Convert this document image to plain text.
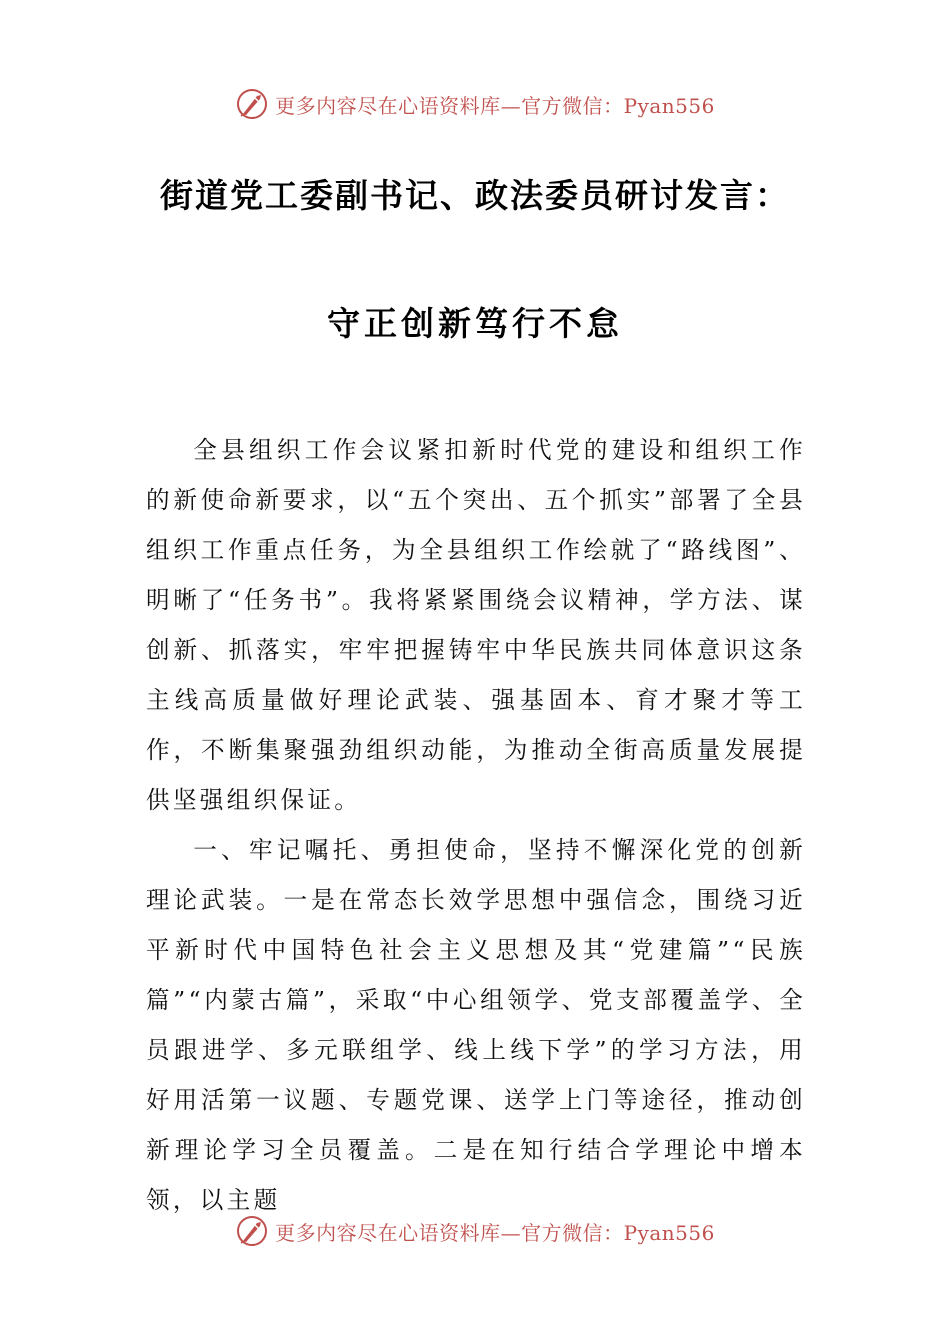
更多内容尽在心语资料库—官方微信：Pyan556
街道党工委副书记、政法委员研讨发言：
守正创新笃行不怠

全县组织工作会议紧扣新时代党的建设和组织工作的新使命新要求，以“五个突出、五个抓实”部署了全县组织工作重点任务，为全县组织工作绘就了“路线图”、明晰了“任务书”。我将紧紧围绕会议精神，学方法、谋创新、抓落实，牢牢把握铸牢中华民族共同体意识这条主线高质量做好理论武装、强基固本、育才聚才等工作，不断集聚强劲组织动能，为推动全街高质量发展提供坚强组织保证。

一、牢记嘱托、勇担使命，坚持不懈深化党的创新理论武装。一是在常态长效学思想中强信念，围绕习近平新时代中国特色社会主义思想及其“党建篇”“民族篇”“内蒙古篇”，采取“中心组领学、党支部覆盖学、全员跟进学、多元联组学、线上线下学”的学习方法，用好用活第一议题、专题党课、送学上门等途径，推动创新理论学习全员覆盖。二是在知行结合学理论中增本领，以主题

更多内容尽在心语资料库—官方微信：Pyan556
